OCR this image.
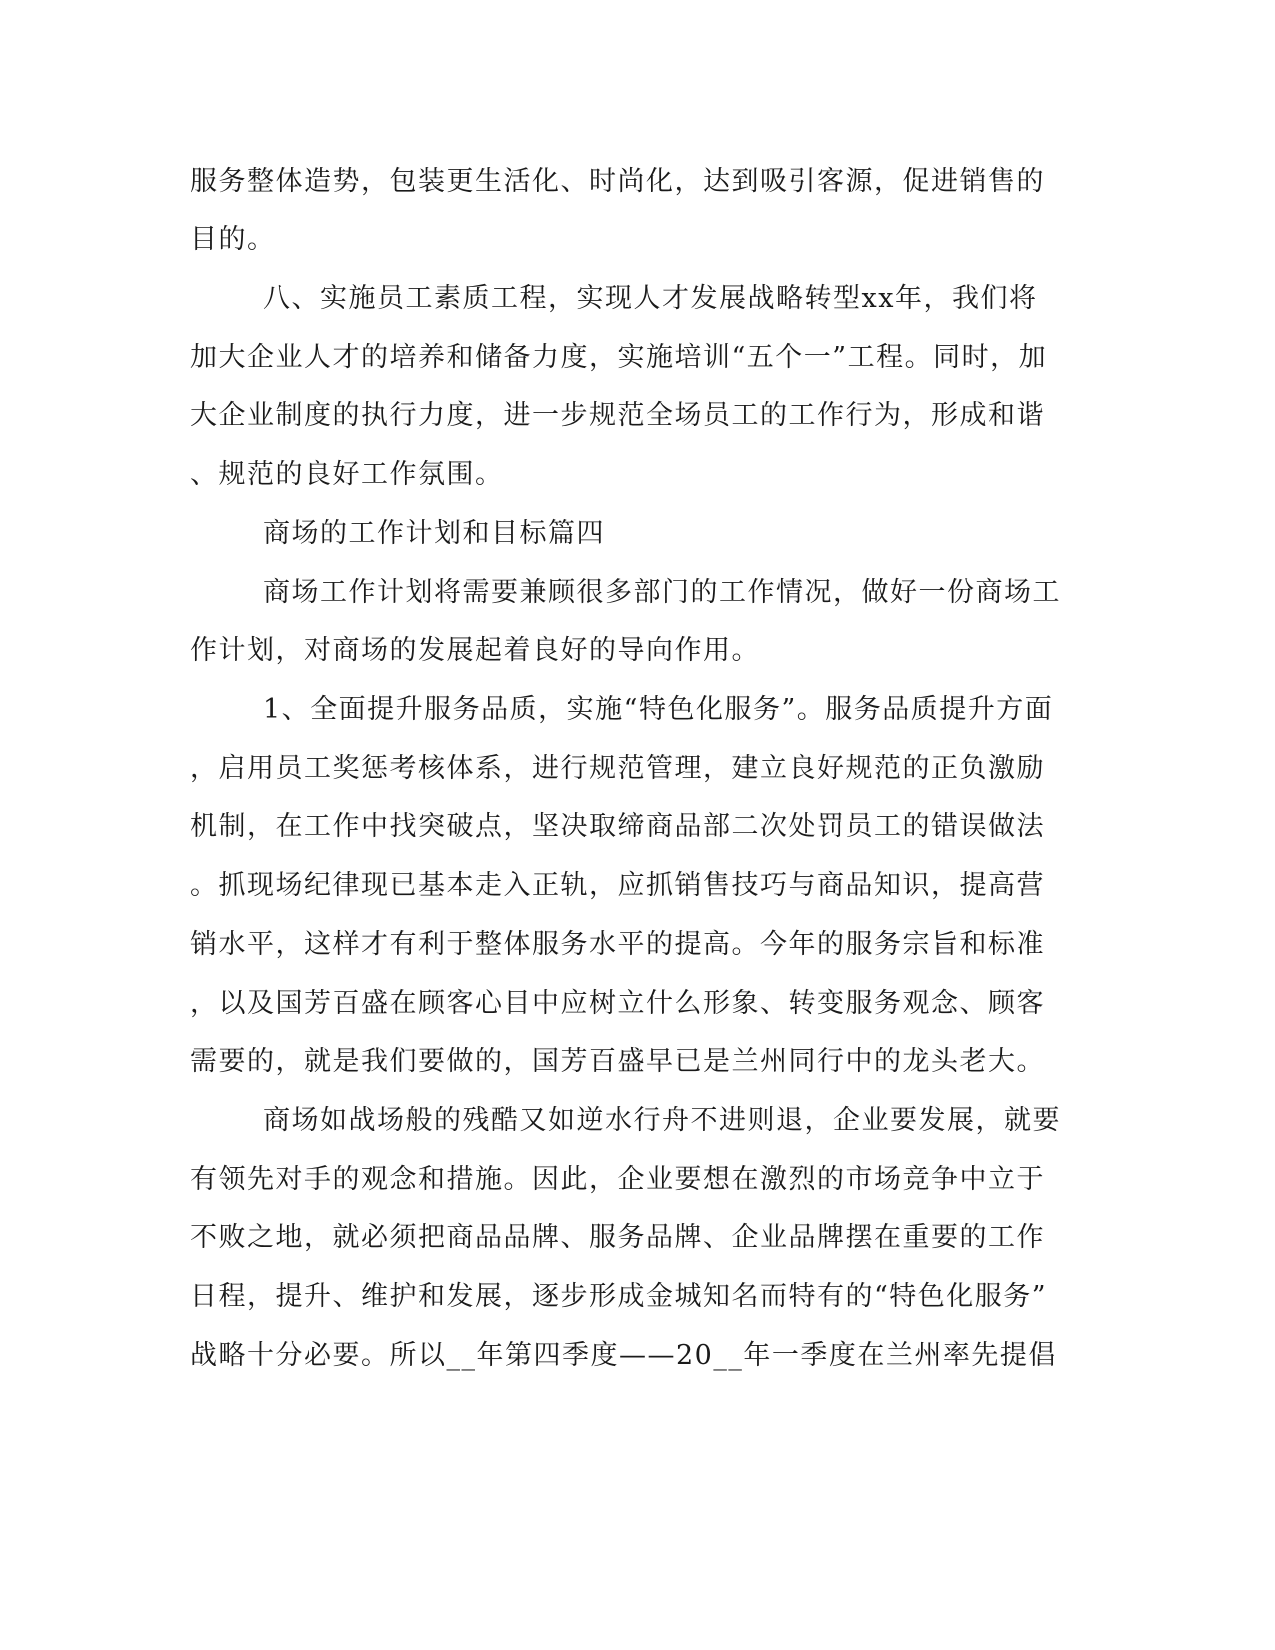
服务整体造势，包装更生活化、时尚化，达到吸引客源，促进销售的
目的。
八、实施员工素质工程，实现人才发展战略转型xx年，我们将
加大企业人才的培养和储备力度，实施培训“五个一”工程。同时，加
大企业制度的执行力度，进一步规范全场员工的工作行为，形成和谐
、规范的良好工作氛围。
商场的工作计划和目标篇四
商场工作计划将需要兼顾很多部门的工作情况，做好一份商场工
作计划，对商场的发展起着良好的导向作用。
1、全面提升服务品质，实施“特色化服务”。服务品质提升方面
，启用员工奖惩考核体系，进行规范管理，建立良好规范的正负激励
机制，在工作中找突破点，坚决取缔商品部二次处罚员工的错误做法
。抓现场纪律现已基本走入正轨，应抓销售技巧与商品知识，提高营
销水平，这样才有利于整体服务水平的提高。今年的服务宗旨和标准
，以及国芳百盛在顾客心目中应树立什么形象、转变服务观念、顾客
需要的，就是我们要做的，国芳百盛早已是兰州同行中的龙头老大。
商场如战场般的残酷又如逆水行舟不进则退，企业要发展，就要
有领先对手的观念和措施。因此，企业要想在激烈的市场竞争中立于
不败之地，就必须把商品品牌、服务品牌、企业品牌摆在重要的工作
日程，提升、维护和发展，逐步形成金城知名而特有的“特色化服务”
战略十分必要。所以__年第四季度——20__年一季度在兰州率先提倡
